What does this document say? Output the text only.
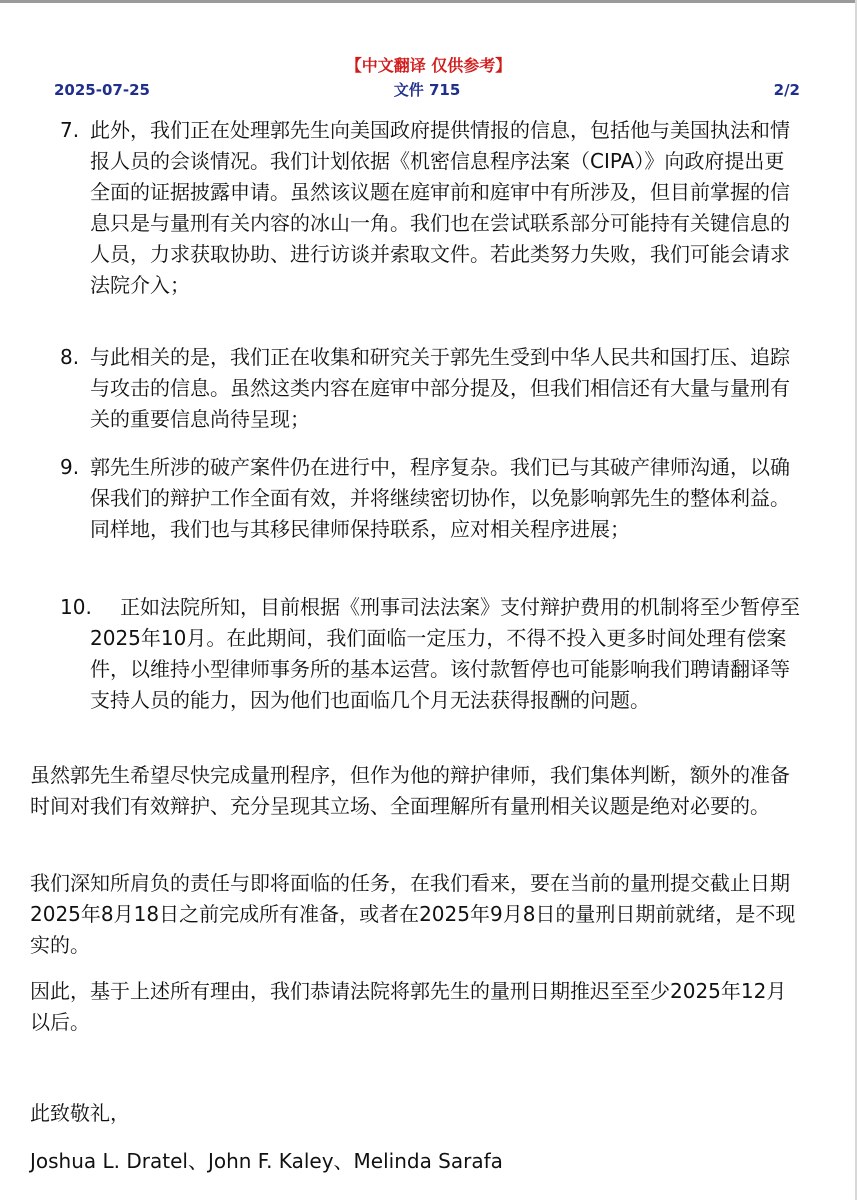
【中文翻译 仅供参考】
文件 715
2025-07-25	2/2
7. 此外，我们正在处理郭先生向美国政府提供情报的信息，包括他与美国执法和情报人员的会谈情况。我们计划依据《机密信息程序法案（CIPA）》向政府提出更全面的证据披露申请。虽然该议题在庭审前和庭审中有所涉及，但目前掌握的信息只是与量刑有关内容的冰山一角。我们也在尝试联系部分可能持有关键信息的人员，力求获取协助、进行访谈并索取文件。若此类努力失败，我们可能会请求法院介入；
8. 与此相关的是，我们正在收集和研究关于郭先生受到中华人民共和国打压、追踪与攻击的信息。虽然这类内容在庭审中部分提及，但我们相信还有大量与量刑有关的重要信息尚待呈现；
9. 郭先生所涉的破产案件仍在进行中，程序复杂。我们已与其破产律师沟通，以确保我们的辩护工作全面有效，并将继续密切协作，以免影响郭先生的整体利益。同样地，我们也与其移民律师保持联系，应对相关程序进展；
10.	正如法院所知，目前根据《刑事司法法案》支付辩护费用的机制将至少暂停至2025年10月。在此期间，我们面临一定压力，不得不投入更多时间处理有偿案件，以维持小型律师事务所的基本运营。该付款暂停也可能影响我们聘请翻译等支持人员的能力，因为他们也面临几个月无法获得报酬的问题。
虽然郭先生希望尽快完成量刑程序，但作为他的辩护律师，我们集体判断，额外的准备时间对我们有效辩护、充分呈现其立场、全面理解所有量刑相关议题是绝对必要的。
我们深知所肩负的责任与即将面临的任务，在我们看来，要在当前的量刑提交截止日期2025年8月18日之前完成所有准备，或者在2025年9月8日的量刑日期前就绪，是不现实的。
因此，基于上述所有理由，我们恭请法院将郭先生的量刑日期推迟至至少2025年12月以后。
此致敬礼，
Joshua L. Dratel、John F. Kaley、Melinda Sarafa
